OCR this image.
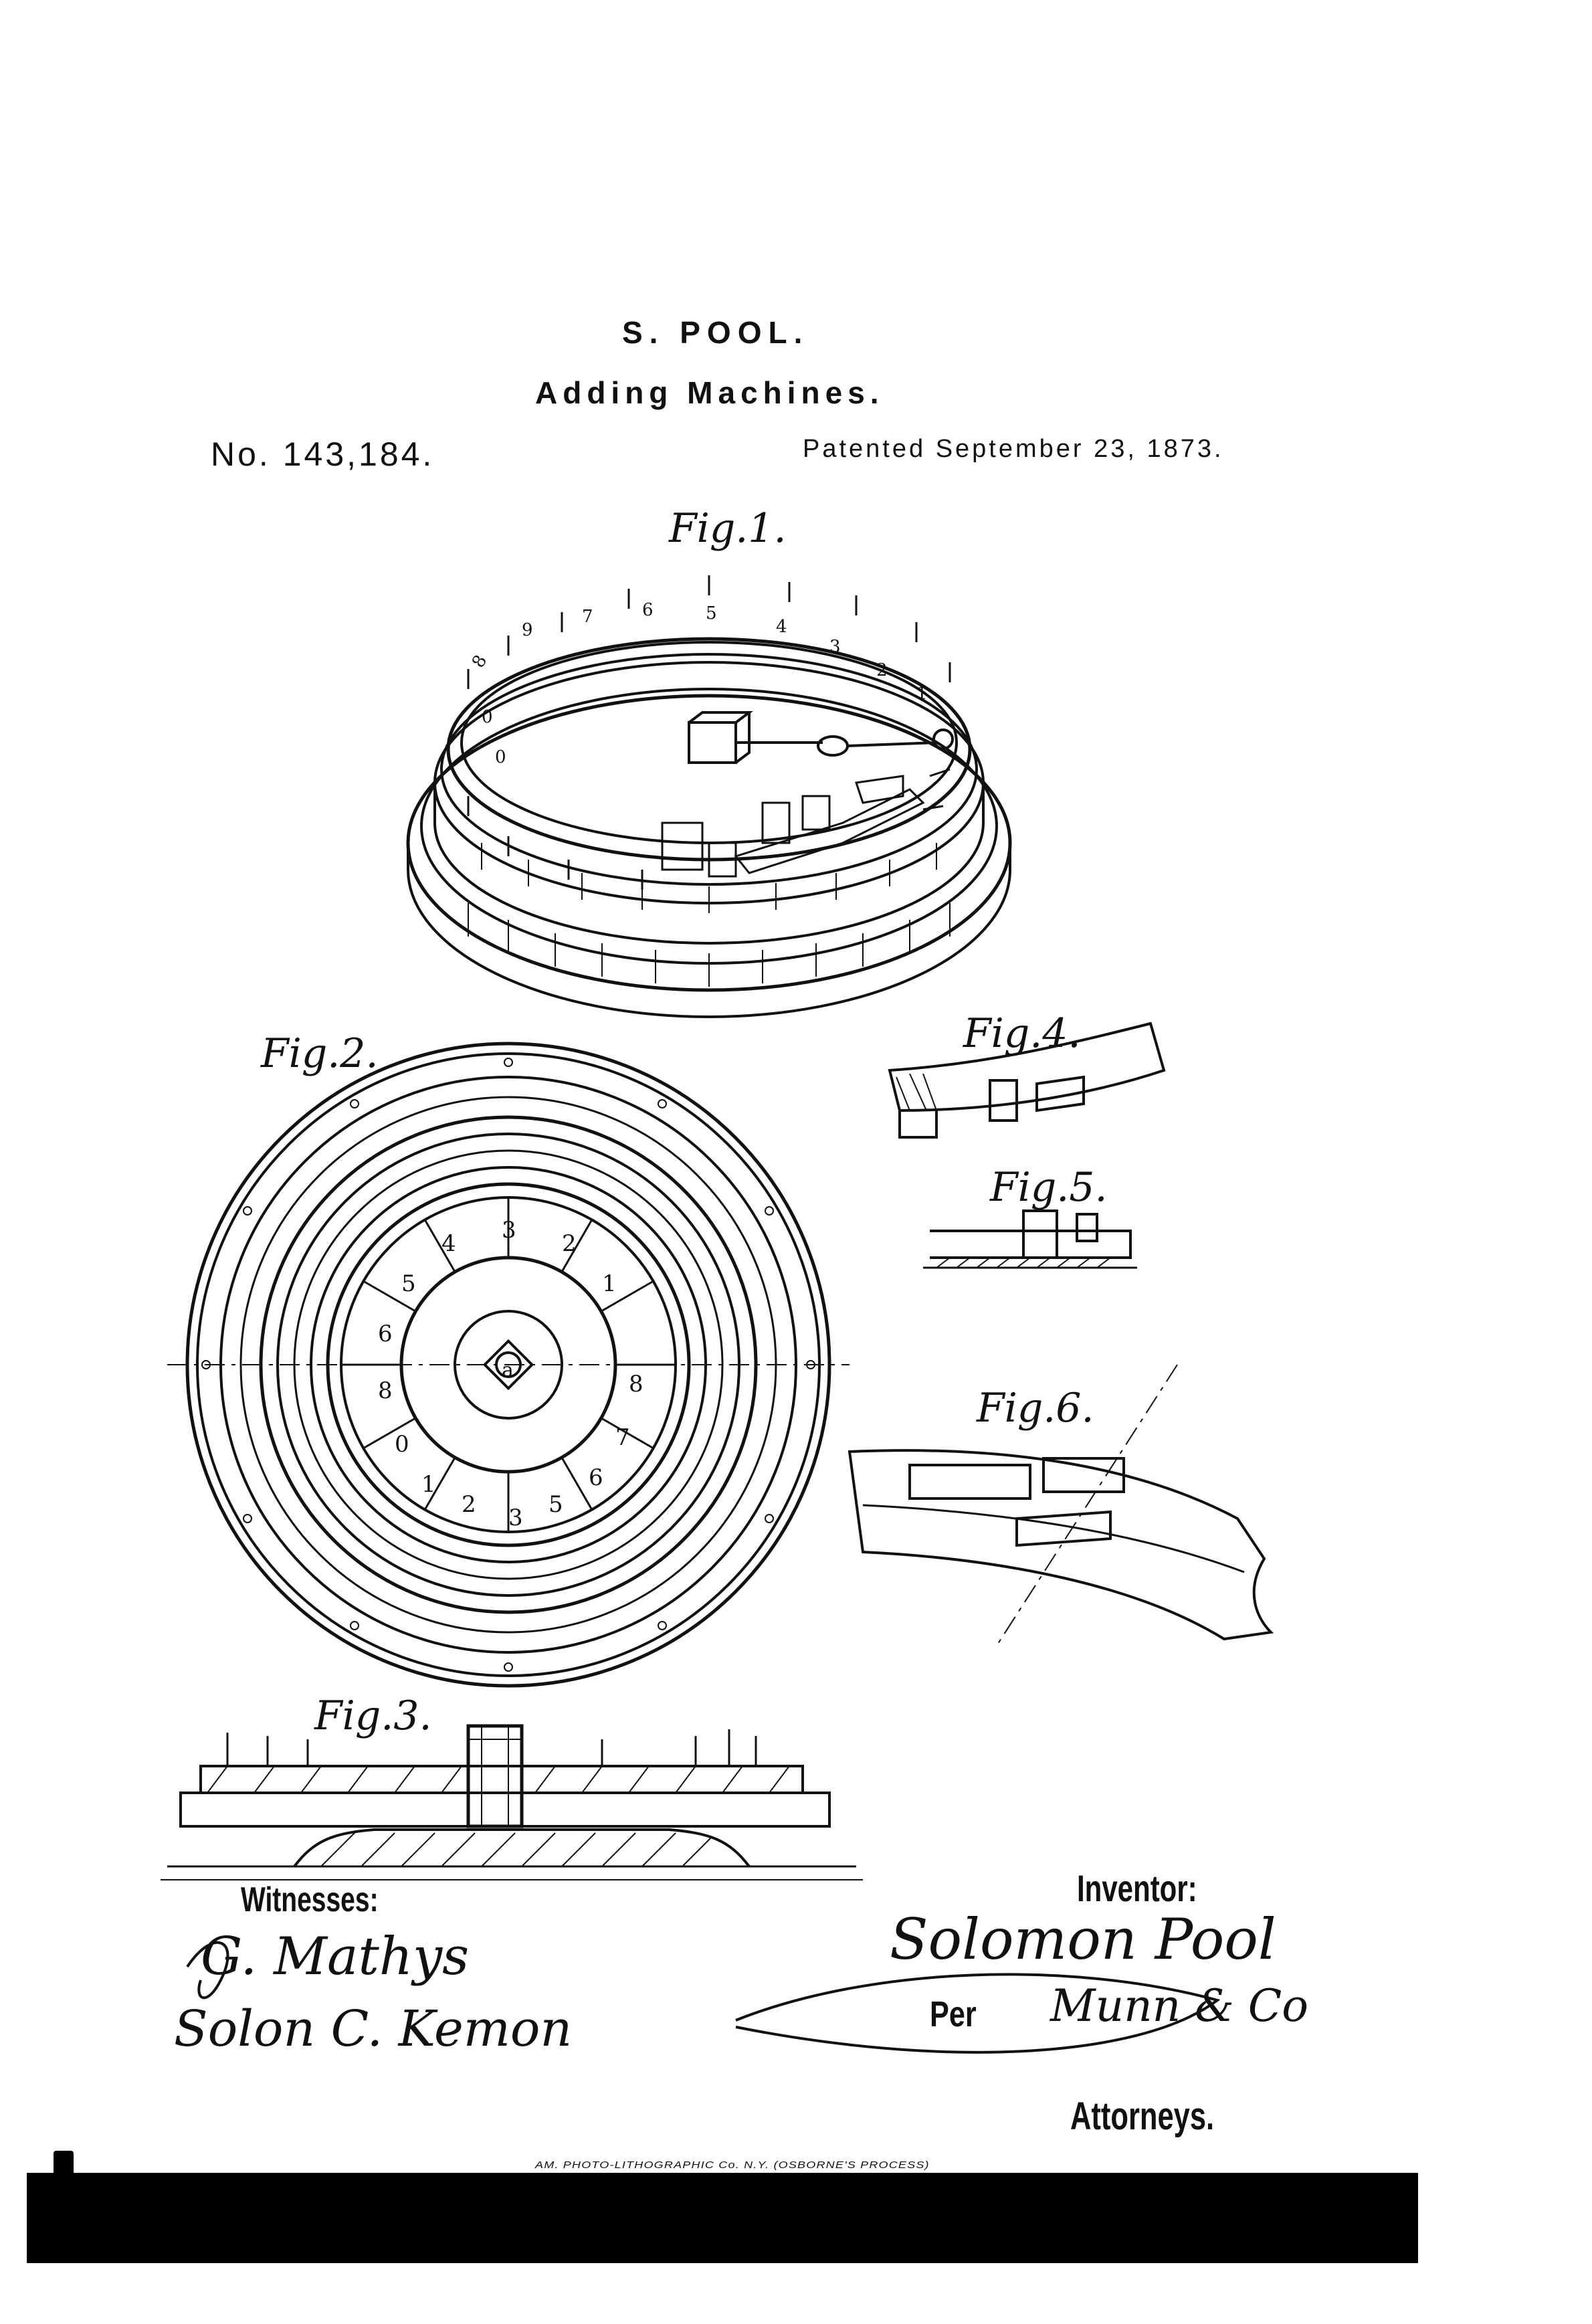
S. POOL.
Adding Machines.
No. 143,184.	Patented September 23, 1873.
Fig.1.
Fig.2.
Fig.3.
Fig.4.
Fig.5.
Fig.6.
8
9
7	6	5
4
3
2
1
0
0
3 2
1
4
5
6
8	8
7
6
5
3
2
1
0
a
Witnesses:
G. Mathys
Solon C. Kemon
Inventor:
Solomon Pool
Per Munn & Co
Attorneys.
AM. PHOTO-LITHOGRAPHIC Co. N.Y. (OSBORNE'S PROCESS)
